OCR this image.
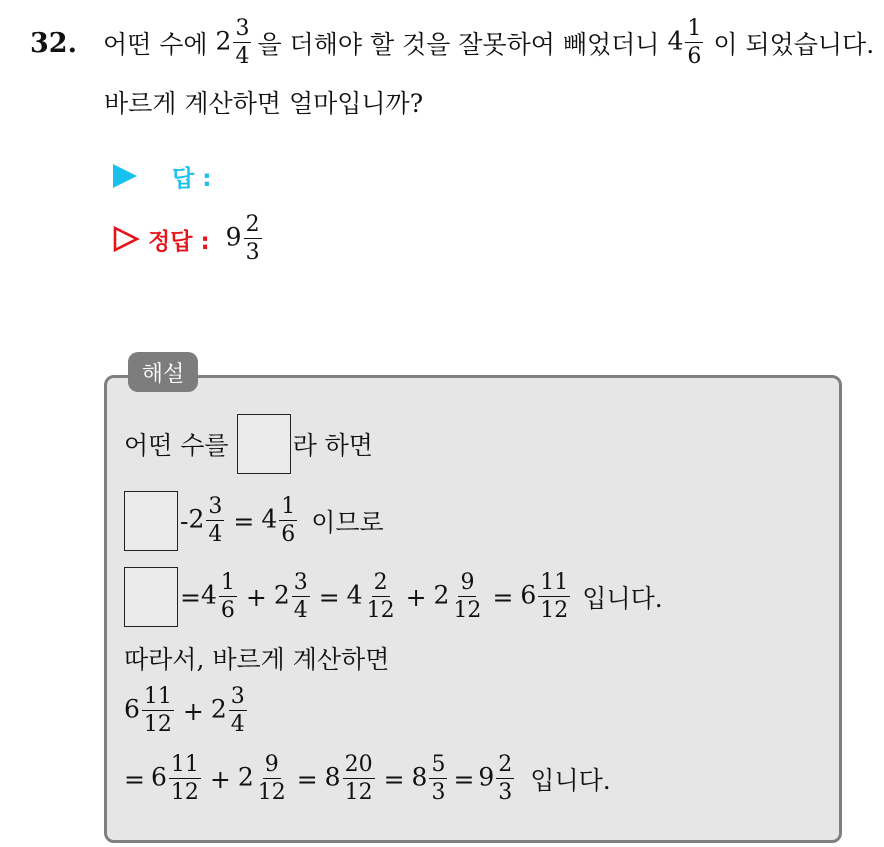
32. 어떤 수에 $2 \frac{3}{4}$ 을 더해야 할 것을 잘못하여 빼었더니 $4 \frac{1}{6}$ 이 되었습니다.
바르게 계산하면 얼마입니까?
답 :
정답 : $9 \frac{2}{3}$
해설
어떤 수를	라 하면
- $2 \frac{3}{4} = 4 \frac{1}{6}$ 이므로
= $4 \frac{1}{6} + 2 \frac{3}{4} = 4 \frac{2}{12} + 2 \frac{9}{12} = 6 \frac{11}{12}$ 입니다.
따라서, 바르게 계산하면
$6 \frac{11}{12} + 2 \frac{3}{4}$
= $6 \frac{11}{12} + 2 \frac{9}{12} = 8 \frac{20}{12} = 8 \frac{5}{3} = 9 \frac{2}{3}$ 입니다.
